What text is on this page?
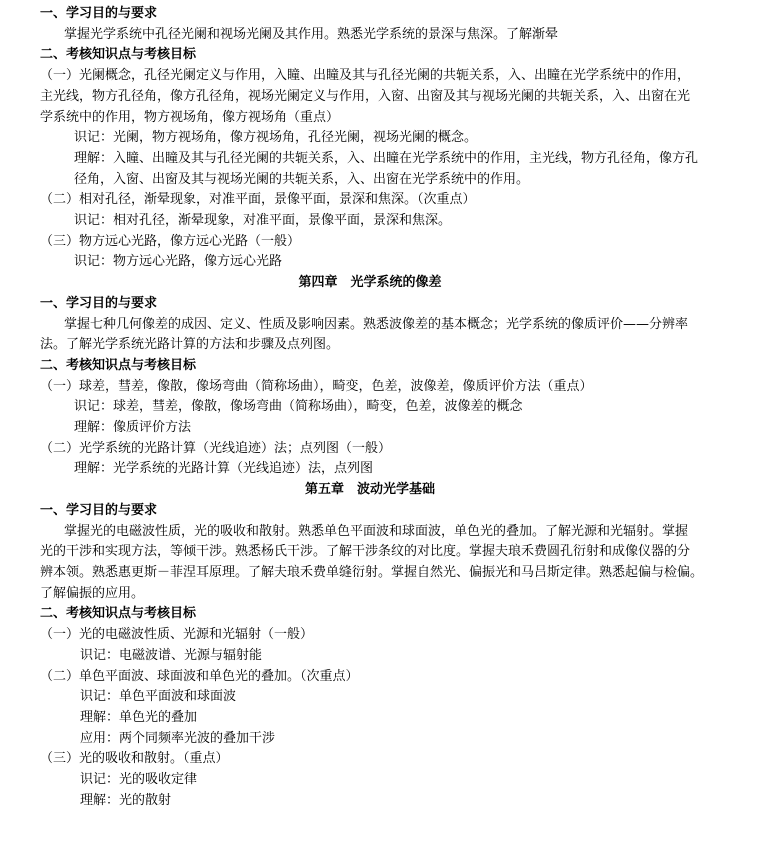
一、学习目的与要求
掌握光学系统中孔径光阑和视场光阑及其作用。熟悉光学系统的景深与焦深。了解渐晕
二、考核知识点与考核目标
（一）光阑概念，孔径光阑定义与作用，入瞳、出瞳及其与孔径光阑的共轭关系，入、出瞳在光学系统中的作用，
主光线，物方孔径角，像方孔径角，视场光阑定义与作用，入窗、出窗及其与视场光阑的共轭关系，入、出窗在光
学系统中的作用，物方视场角，像方视场角（重点）
识记：光阑，物方视场角，像方视场角，孔径光阑，视场光阑的概念。
理解：入瞳、出瞳及其与孔径光阑的共轭关系，入、出瞳在光学系统中的作用，主光线，物方孔径角，像方孔
径角，入窗、出窗及其与视场光阑的共轭关系，入、出窗在光学系统中的作用。
（二）相对孔径，渐晕现象，对准平面，景像平面，景深和焦深。（次重点）
识记：相对孔径，渐晕现象，对准平面，景像平面，景深和焦深。
（三）物方远心光路，像方远心光路（一般）
识记：物方远心光路，像方远心光路
第四章　光学系统的像差
一、学习目的与要求
掌握七种几何像差的成因、定义、性质及影响因素。熟悉波像差的基本概念；光学系统的像质评价——分辨率
法。了解光学系统光路计算的方法和步骤及点列图。
二、考核知识点与考核目标
（一）球差，彗差，像散，像场弯曲（简称场曲），畸变，色差，波像差，像质评价方法（重点）
识记：球差，彗差，像散，像场弯曲（简称场曲），畸变，色差，波像差的概念
理解：像质评价方法
（二）光学系统的光路计算（光线追迹）法；点列图（一般）
理解：光学系统的光路计算（光线追迹）法，点列图
第五章　波动光学基础
一、学习目的与要求
掌握光的电磁波性质，光的吸收和散射。熟悉单色平面波和球面波，单色光的叠加。了解光源和光辐射。掌握
光的干涉和实现方法，等倾干涉。熟悉杨氏干涉。了解干涉条纹的对比度。掌握夫琅禾费圆孔衍射和成像仪器的分
辨本领。熟悉惠更斯－菲涅耳原理。了解夫琅禾费单缝衍射。掌握自然光、偏振光和马吕斯定律。熟悉起偏与检偏。
了解偏振的应用。
二、考核知识点与考核目标
（一）光的电磁波性质、光源和光辐射（一般）
识记：电磁波谱、光源与辐射能
（二）单色平面波、球面波和单色光的叠加。（次重点）
识记：单色平面波和球面波
理解：单色光的叠加
应用：两个同频率光波的叠加干涉
（三）光的吸收和散射。（重点）
识记：光的吸收定律
理解：光的散射
